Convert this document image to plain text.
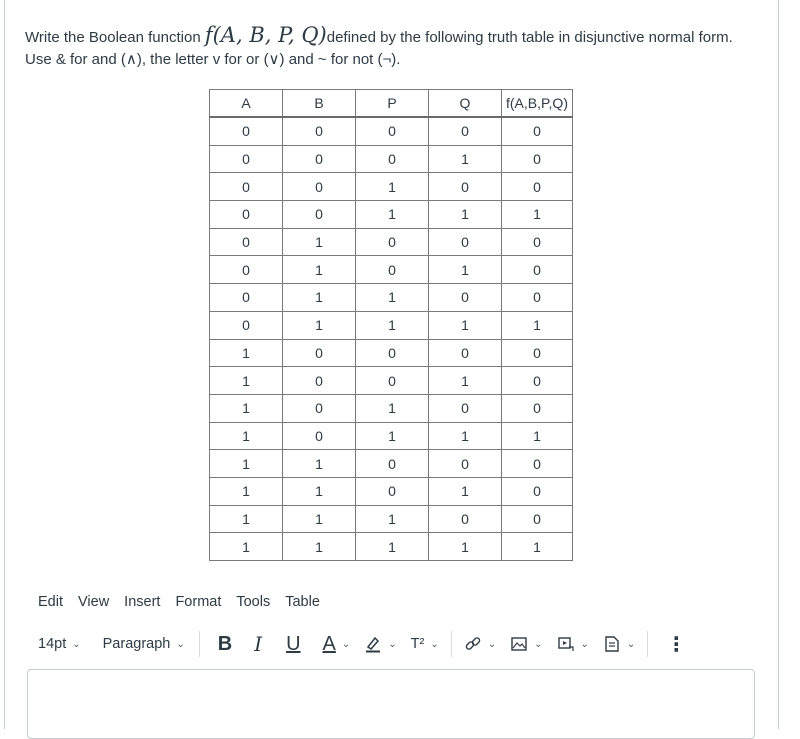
Write the Boolean function f(A, B, P, Q)defined by the following truth table in disjunctive normal form.
Use & for and (∧), the letter v for or (∨) and ~ for not (¬).
A	B	P	Q	f(A,B,P,Q)
0	0	0	0	0
0	0	0	1	0
0	0	1	0	0
0	0	1	1	1
0	1	0	0	0
0	1	0	1	0
0	1	1	0	0
0	1	1	1	1
1	0	0	0	0
1	0	0	1	0
1	0	1	0	0
1	0	1	1	1
1	1	0	0	0
1	1	0	1	0
1	1	1	0	0
1	1	1	1	1
Edit View Insert Format Tools Table
14pt ⌄ Paragraph ⌄ B I U A ⌄	⌄ T² ⌄	⌄	⌄	⌄	⌄ ⋮
